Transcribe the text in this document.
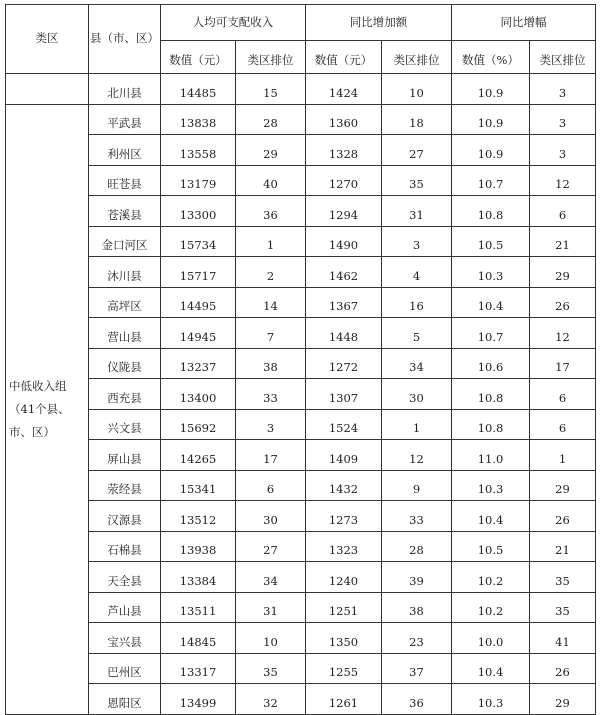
类区	县（市、区）	人均可支配收入		同比增加额		同比增幅	
		数值（元）	类区排位	数值（元）	类区排位	数值（%）	类区排位
	北川县	14485	15	1424	10	10.9	3
中低收入组（41个县、市、区）	平武县	13838	28	1360	18	10.9	3
	利州区	13558	29	1328	27	10.9	3
	旺苍县	13179	40	1270	35	10.7	12
	苍溪县	13300	36	1294	31	10.8	6
	金口河区	15734	1	1490	3	10.5	21
	沐川县	15717	2	1462	4	10.3	29
	高坪区	14495	14	1367	16	10.4	26
	营山县	14945	7	1448	5	10.7	12
	仪陇县	13237	38	1272	34	10.6	17
	西充县	13400	33	1307	30	10.8	6
	兴文县	15692	3	1524	1	10.8	6
	屏山县	14265	17	1409	12	11.0	1
	荥经县	15341	6	1432	9	10.3	29
	汉源县	13512	30	1273	33	10.4	26
	石棉县	13938	27	1323	28	10.5	21
	天全县	13384	34	1240	39	10.2	35
	芦山县	13511	31	1251	38	10.2	35
	宝兴县	14845	10	1350	23	10.0	41
	巴州区	13317	35	1255	37	10.4	26
	恩阳区	13499	32	1261	36	10.3	29
